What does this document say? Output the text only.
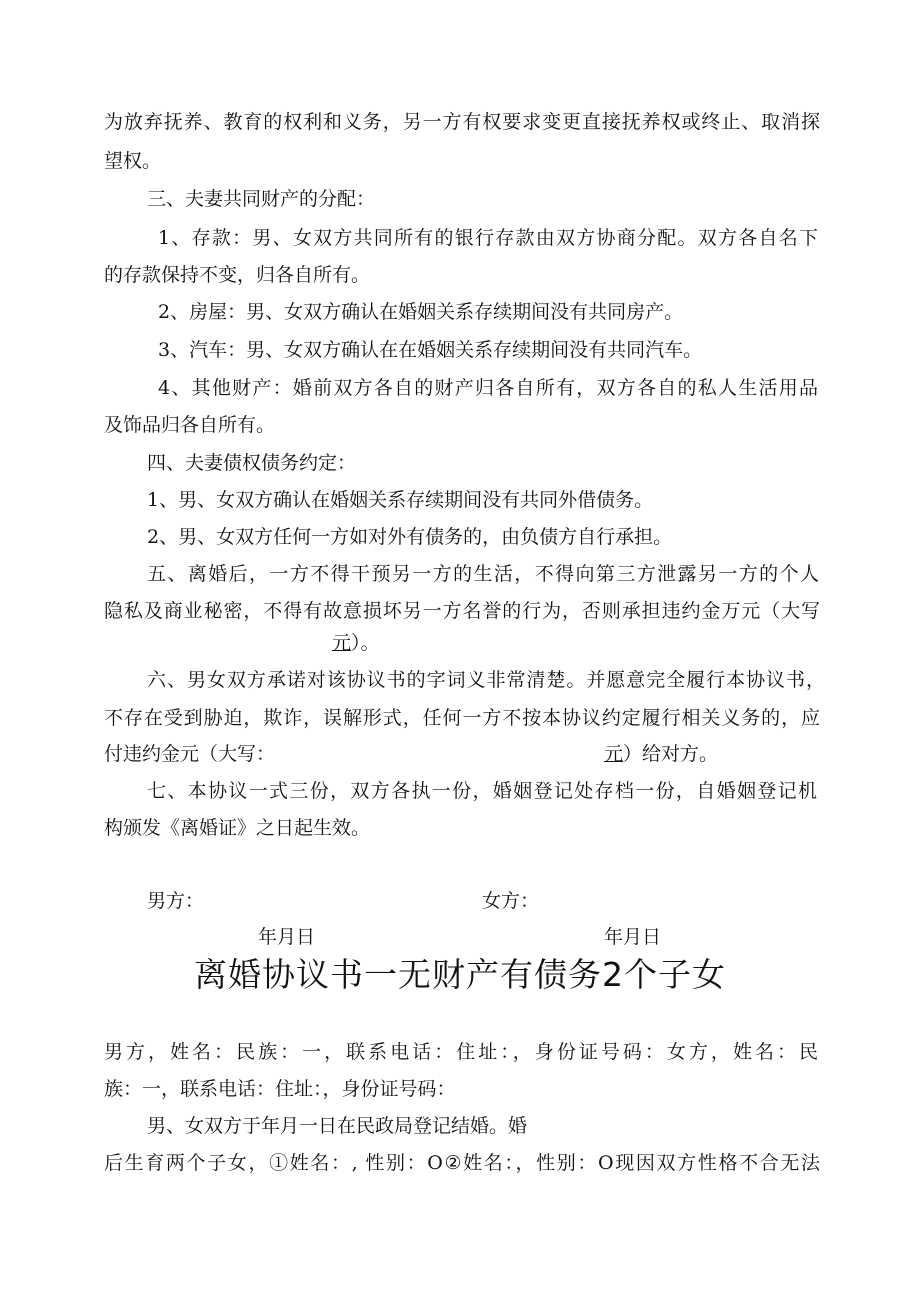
为放弃抚养、教育的权利和义务，另一方有权要求变更直接抚养权或终止、取消探
望权。
三、夫妻共同财产的分配：
1、存款：男、女双方共同所有的银行存款由双方协商分配。双方各自名下
的存款保持不变，归各自所有。
2、房屋：男、女双方确认在婚姻关系存续期间没有共同房产。
3、汽车：男、女双方确认在在婚姻关系存续期间没有共同汽车。
4、其他财产：婚前双方各自的财产归各自所有，双方各自的私人生活用品
及饰品归各自所有。
四、夫妻债权债务约定：
1、男、女双方确认在婚姻关系存续期间没有共同外借债务。
2、男、女双方任何一方如对外有债务的，由负债方自行承担。
五、离婚后，一方不得干预另一方的生活，不得向第三方泄露另一方的个人
隐私及商业秘密，不得有故意损坏另一方名誉的行为，否则承担违约金万元（大写
元）。
六、男女双方承诺对该协议书的字词义非常清楚。并愿意完全履行本协议书，
不存在受到胁迫，欺诈，误解形式，任何一方不按本协议约定履行相关义务的，应
付违约金元（大写：	元）给对方。
七、本协议一式三份，双方各执一份，婚姻登记处存档一份，自婚姻登记机
构颁发《离婚证》之日起生效。
男方：	女方：
年月日	年月日
离婚协议书一无财产有债务2个子女
男方，姓名：民族：一，联系电话：住址：，身份证号码：女方，姓名：民
族：一，联系电话：住址：，身份证号码：
男、女双方于年月一日在民政局登记结婚。婚
后生育两个子女，①姓名：, 性别：O②姓名：，性别：O现因双方性格不合无法
